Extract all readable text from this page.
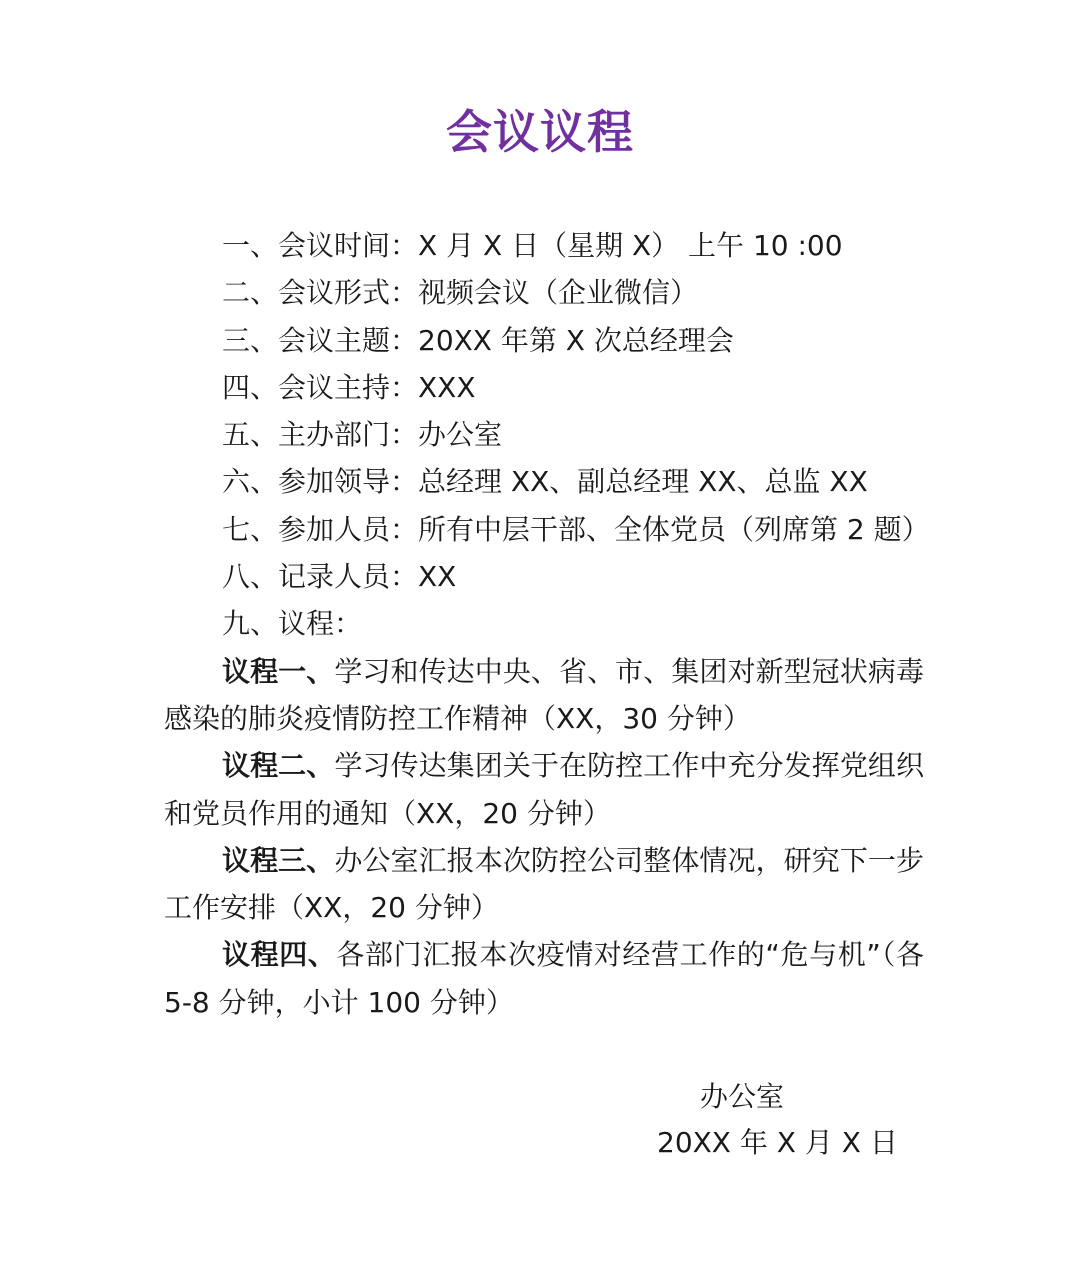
会议议程
一、会议时间：X 月 X 日（星期 X） 上午 10 :00
二、会议形式：视频会议（企业微信）
三、会议主题：20XX 年第 X 次总经理会
四、会议主持：XXX
五、主办部门：办公室
六、参加领导：总经理 XX、副总经理 XX、总监 XX
七、参加人员：所有中层干部、全体党员（列席第 2 题）
八、记录人员：XX
九、议程：

议程一、学习和传达中央、省、市、集团对新型冠状病毒感染的肺炎疫情防控工作精神（XX，30 分钟）

议程二、学习传达集团关于在防控工作中充分发挥党组织和党员作用的通知（XX，20 分钟）

议程三、办公室汇报本次防控公司整体情况，研究下一步工作安排（XX，20 分钟）

议程四、各部门汇报本次疫情对经营工作的“危与机”（各 5-8 分钟，小计 100 分钟）

办公室
20XX 年 X 月 X 日
